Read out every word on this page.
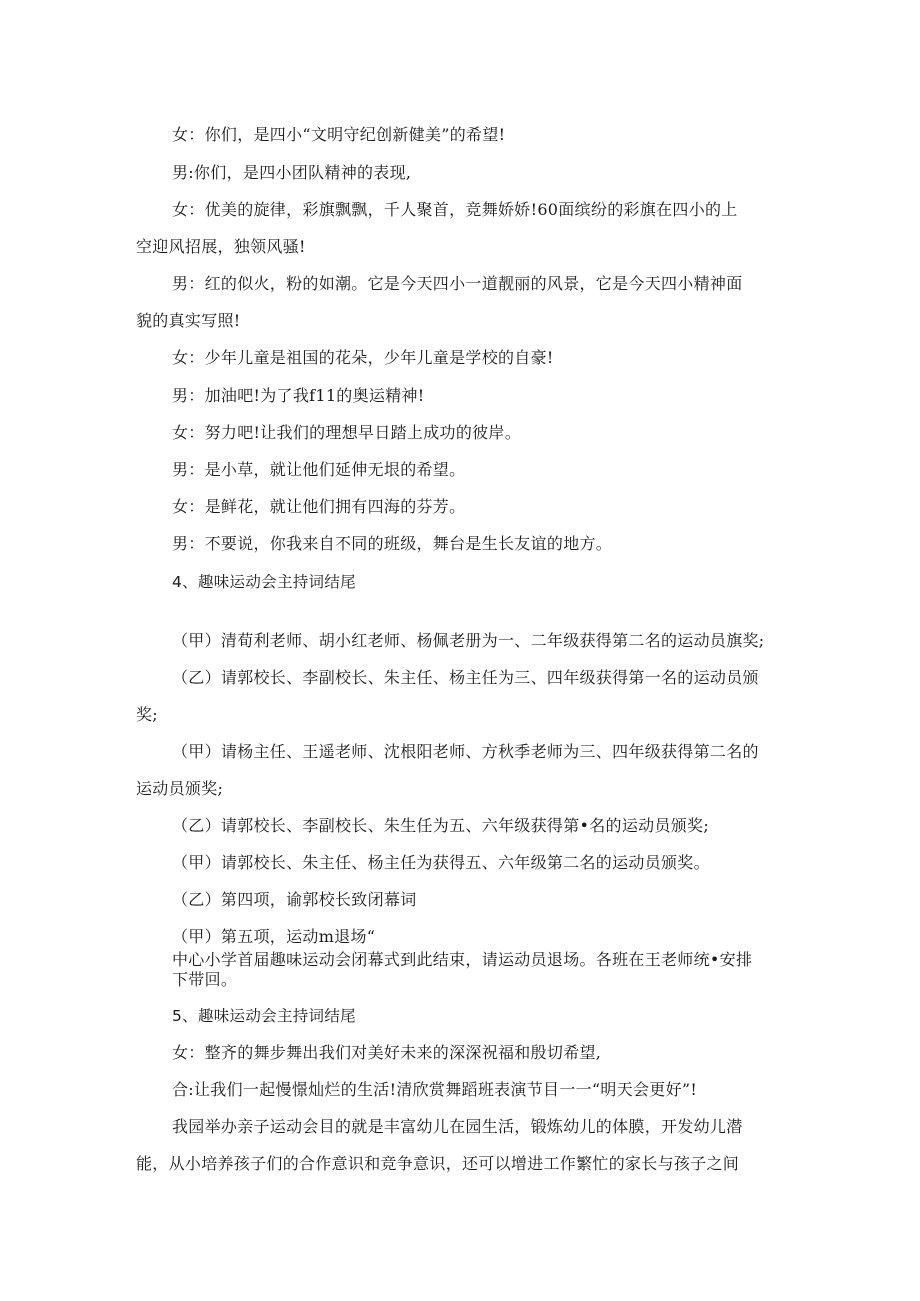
女：你们，是四小“文明守纪创新健美”的希望!

男:你们，是四小团队精神的表现,

女：优美的旋律，彩旗飘飘，千人聚首，竞舞娇娇!60面缤纷的彩旗在四小的上

空迎风招展，独领风骚!

男：红的似火，粉的如潮。它是今天四小一道靓丽的风景，它是今天四小精神面

貌的真实写照!

女：少年儿童是祖国的花朵，少年儿童是学校的自豪!

男：加油吧!为了我f11的奥运精神!

女：努力吧!让我们的理想早日踏上成功的彼岸。

男：是小草，就让他们延伸无垠的希望。

女：是鲜花，就让他们拥有四海的芬芳。

男：不要说，你我来自不同的班级，舞台是生长友谊的地方。

4、趣味运动会主持词结尾

（甲）清荀利老师、胡小红老师、杨佩老册为一、二年级获得第二名的运动员旗奖;

（乙）请郭校长、李副校长、朱主任、杨主任为三、四年级获得第一名的运动员颁

奖;

（甲）请杨主任、王遥老师、沈根阳老师、方秋季老师为三、四年级获得第二名的

运动员颁奖;

（乙）请郭校长、李副校长、朱生任为五、六年级获得第•名的运动员颁奖;

（甲）请郭校长、朱主任、杨主任为获得五、六年级第二名的运动员颁奖。

（乙）第四项，谕郭校长致闭幕词

（甲）第五项，运动m退场“

中心小学首届趣味运动会闭幕式到此结束，请运动员退场。各班在王老师统•安排

下带回。

5、趣味运动会主持词结尾

女：整齐的舞步舞出我们对美好未来的深深祝福和殷切希望,

合:让我们一起慢憬灿烂的生活!清欣赏舞蹈班表演节目一一“明天会更好”!

我园举办亲子运动会目的就是丰富幼儿在园生活，锻炼幼儿的体膜，开发幼儿潜

能，从小培养孩子们的合作意识和竞争意识，还可以增进工作繁忙的家长与孩子之间
